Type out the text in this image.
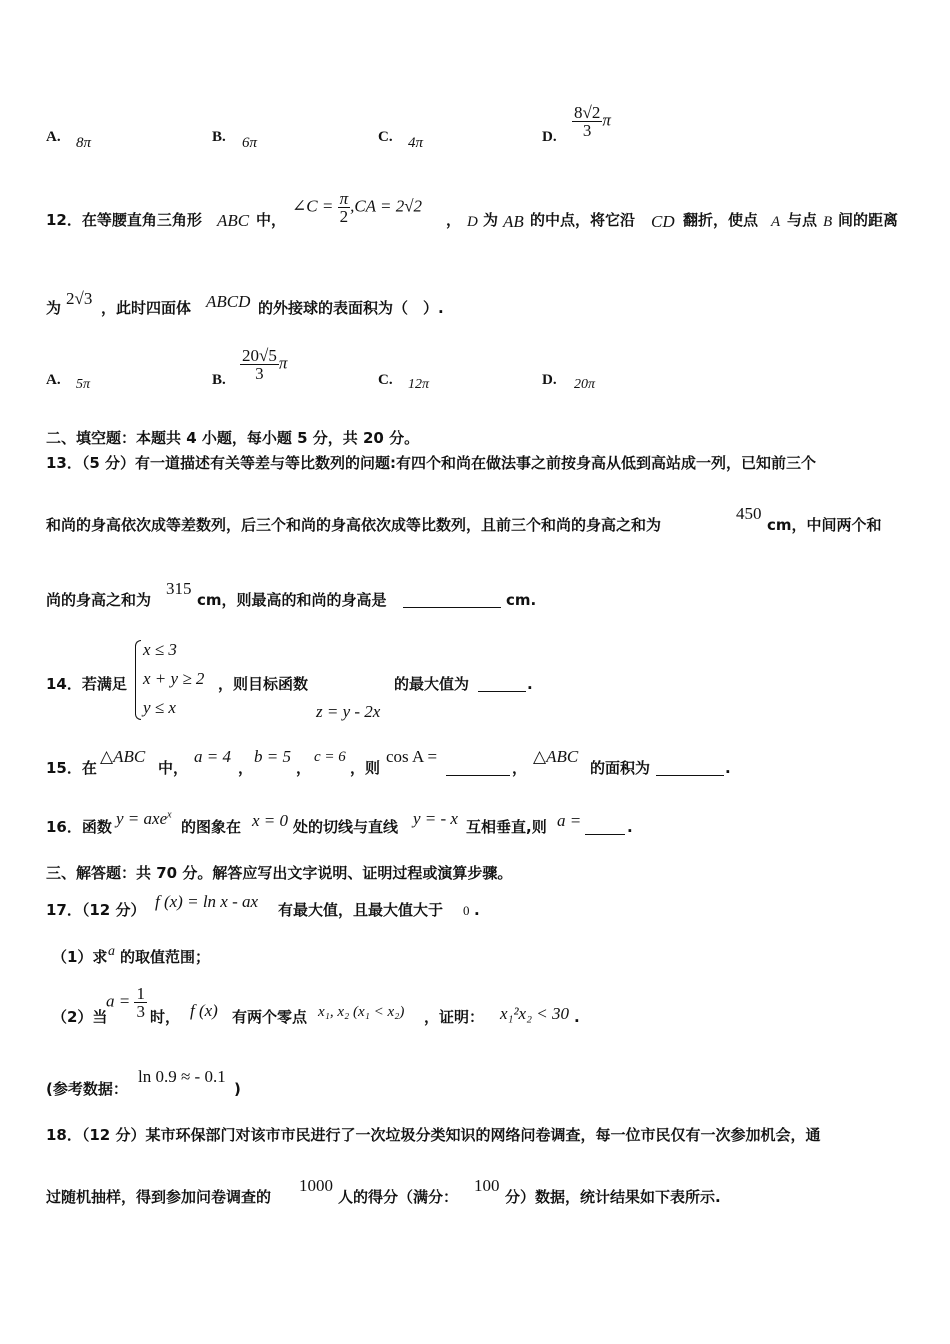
A. 8π	B. 6π	C. 4π	D. $\frac{8√2}{3}$ π
12．在等腰直角三角形 ABC 中，
∠C = $\frac{\pi}{2} ,CA = 2√2$
， D 为 AB 的中点，将它沿 CD 翻折，使点 A 与点 B 间的距离
为 2√3 ，此时四面体 ABCD 的外接球的表面积为（　）.
A. 5π	B. $\frac{20√5}{3}$ π
C. 12π	D. 20π
二、填空题：本题共 4 小题，每小题 5 分，共 20 分。
13．（5 分）有一道描述有关等差与等比数列的问题:有四个和尚在做法事之前按身高从低到高站成一列，已知前三个
和尚的身高依次成等差数列，后三个和尚的身高依次成等比数列，且前三个和尚的身高之和为
450
cm，中间两个和
尚的身高之和为
315
cm，则最高的和尚的身高是	cm.
14．若满足
x ≤ 3
x + y ≥ 2
y ≤ x
，则目标函数
z = y - 2x
的最大值为	.
15．在
△ABC
中，
a = 4
，
b = 5
，
c = 6
，则
cos A =
，
△ABC
的面积为	.
16．函数 y = axe$^x$
的图象在 x = 0 处的切线与直线 y = - x 互相垂直,则 a =	.
三、解答题：共 70 分。解答应写出文字说明、证明过程或演算步骤。
17．（12 分） f (x) = ln x - ax 有最大值，且最大值大于 0 .
（1）求 a 的取值范围；
（2）当
$a = \frac{1}{3}$ 时， f (x) 有两个零点 x₁, x₂ (x₁ < x₂) ，证明： x₁²x₂ < 30 .
(参考数据：
ln 0.9 ≈ - 0.1
)
18．（12 分）某市环保部门对该市市民进行了一次垃圾分类知识的网络问卷调查，每一位市民仅有一次参加机会，通
过随机抽样，得到参加问卷调查的
1000
人的得分（满分：
100
分）数据，统计结果如下表所示.
